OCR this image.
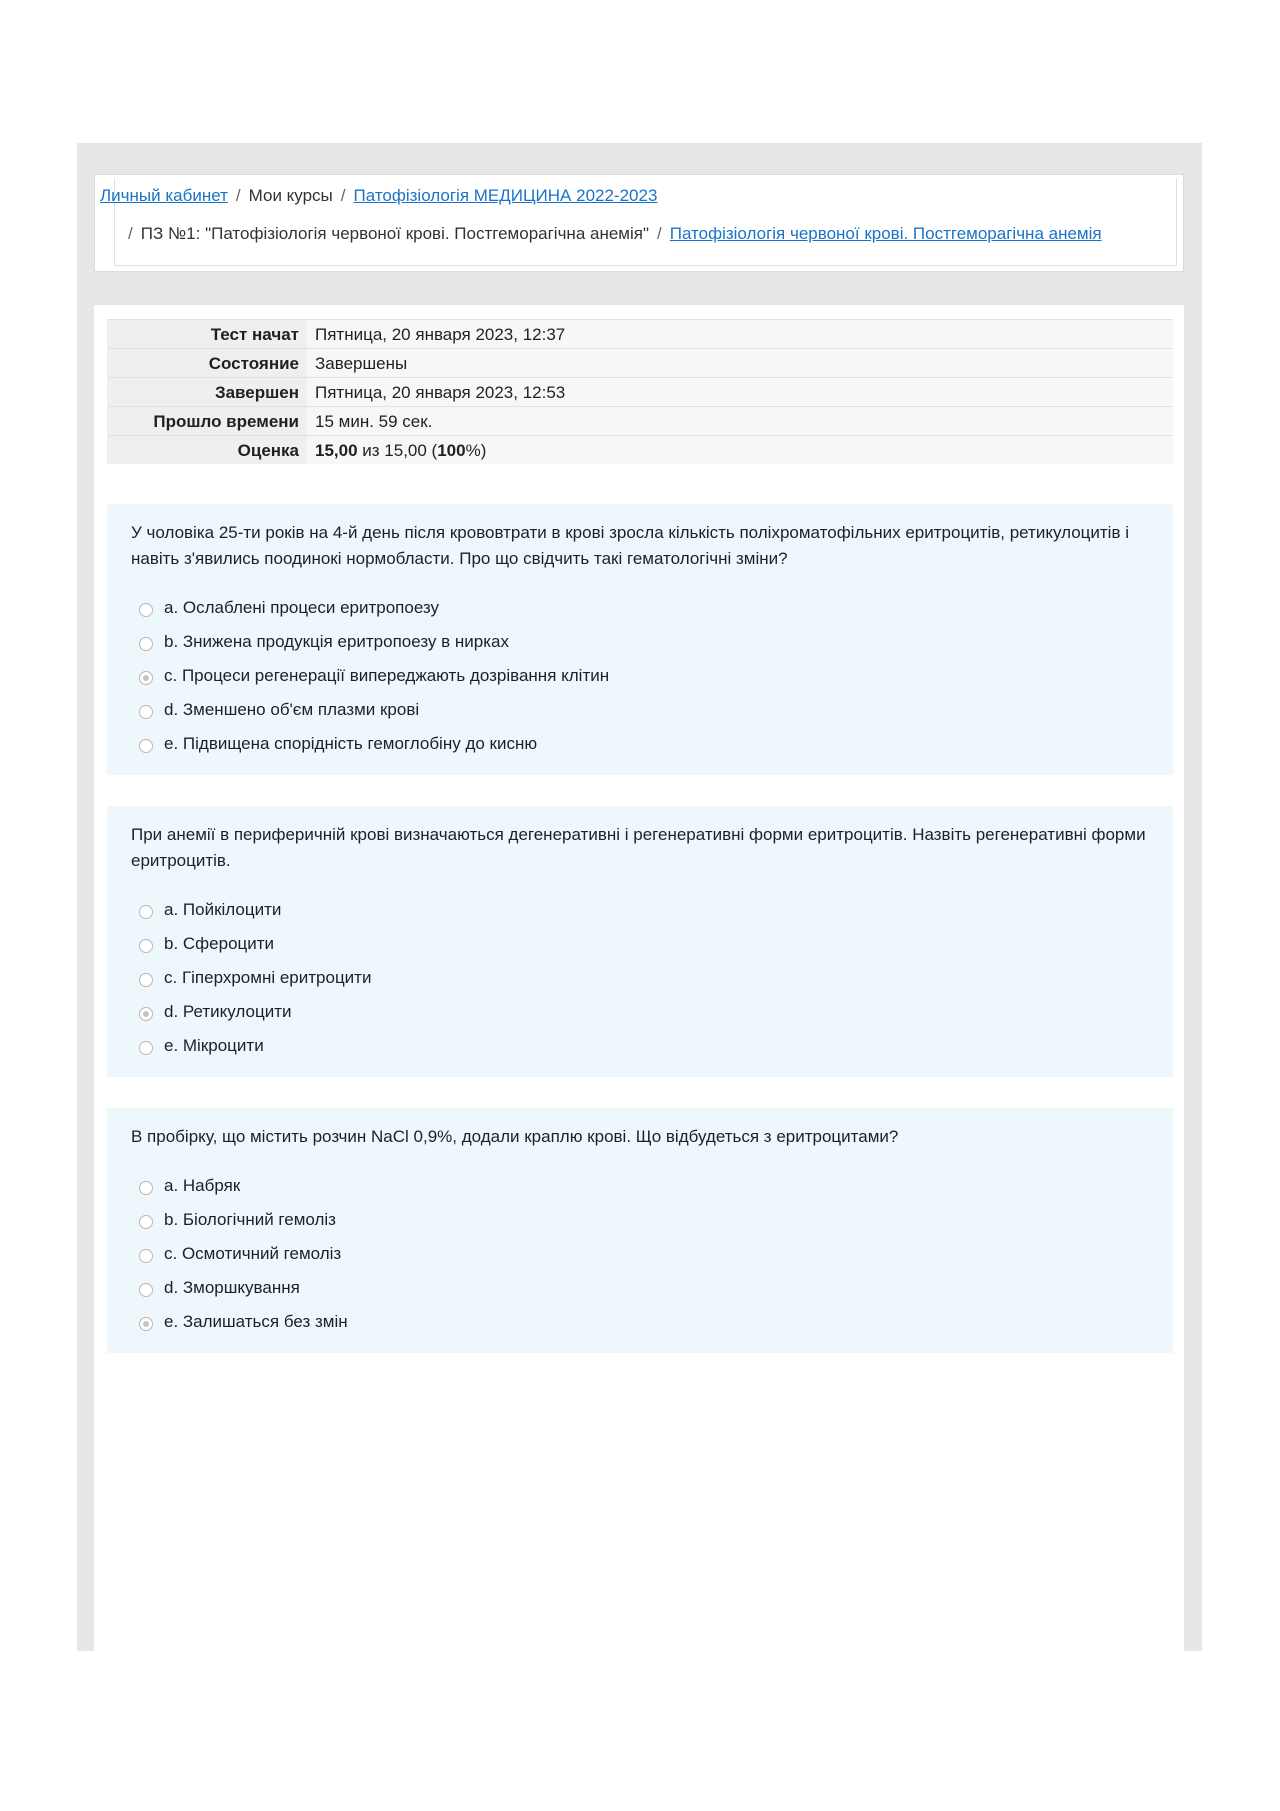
Личный кабинет / Мои курсы / Патофізіологія МЕДИЦИНА 2022-2023
/ ПЗ №1: "Патофізіологія червоної крові. Постгеморагічна анемія" / Патофізіологія червоної крові. Постгеморагічна анемія
Тест начат	Пятница, 20 января 2023, 12:37
Состояние	Завершены
Завершен	Пятница, 20 января 2023, 12:53
Прошло времени	15 мин. 59 сек.
Оценка	15,00 из 15,00 (100%)

У чоловіка 25-ти років на 4-й день після крововтрати в крові зросла кількість поліхроматофільних еритроцитів, ретикулоцитів і навіть з'явились поодинокі нормобласти. Про що свідчить такі гематологічні зміни?

a. Ослаблені процеси еритропоезу
b. Знижена продукція еритропоезу в нирках
c. Процеси регенерації випереджають дозрівання клітин
d. Зменшено об'єм плазми крові
e. Підвищена спорідність гемоглобіну до кисню

При анемії в периферичній крові визначаються дегенеративні і регенеративні форми еритроцитів. Назвіть регенеративні форми еритроцитів.

a. Пойкілоцити
b. Сфероцити
c. Гіперхромні еритроцити
d. Ретикулоцити
e. Мікроцити

В пробірку, що містить розчин NaCl 0,9%, додали краплю крові. Що відбудеться з еритроцитами?

a. Набряк
b. Біологічний гемоліз
c. Осмотичний гемоліз
d. Зморшкування
e. Залишаться без змін
